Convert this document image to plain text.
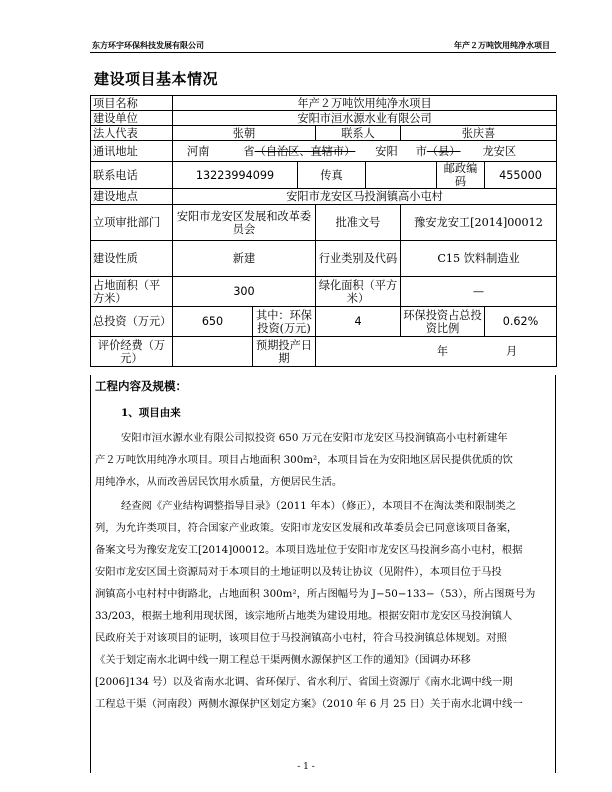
东方环宇环保科技发展有限公司	年产２万吨饮用纯净水项目
建设项目基本情况
项目名称	年产２万吨饮用纯净水项目							
建设单位	安阳市洹水源水业有限公司							
法人代表	张朝			联系人		张庆喜		
通讯地址	河南 省（自治区、直辖市） 安阳 市（县） 龙安区							
联系电话	13223994099		传真				邮政编码	455000
建设地点	安阳市龙安区马投涧镇高小屯村							
立项审批部门	安阳市龙安区发展和改革委员会			批准文号		豫安龙安工[2014]00012		
建设性质	新建			行业类别及代码		C15 饮料制造业		
占地面积（平方米）	300			绿化面积（平方米）		—		
总投资（万元）	650	其中：环保投资(万元)		4		环保投资占总投资比例		0.62%
评价经费（万元）		预期投产日期		年 月				
工程内容及规模：
1、项目由来
安阳市洹水源水业有限公司拟投资 650 万元在安阳市龙安区马投涧镇高小屯村新建年
产２万吨饮用纯净水项目。项目占地面积 300m²，本项目旨在为安阳地区居民提供优质的饮
用纯净水，从而改善居民饮用水质量，方便居民生活。
经查阅《产业结构调整指导目录》（2011 年本）（修正），本项目不在淘汰类和限制类之
列，为允许类项目，符合国家产业政策。安阳市龙安区发展和改革委员会已同意该项目备案，
备案文号为豫安龙安工[2014]00012。本项目选址位于安阳市龙安区马投涧乡高小屯村，根据
安阳市龙安区国土资源局对于本项目的土地证明以及转让协议（见附件），本项目位于马投
涧镇高小屯村村中街路北，占地面积 300m²，所占图幅号为 J−50−133−（53），所占图斑号为
33/203，根据土地利用现状图，该宗地所占地类为建设用地。根据安阳市龙安区马投涧镇人
民政府关于对该项目的证明，该项目位于马投涧镇高小屯村，符合马投涧镇总体规划。对照
《关于划定南水北调中线一期工程总干渠两侧水源保护区工作的通知》（国调办环移
[2006]134 号）以及省南水北调、省环保厅、省水利厅、省国土资源厅《南水北调中线一期
工程总干渠（河南段）两侧水源保护区划定方案》（2010 年 6 月 25 日）关于南水北调中线一
- 1 -
